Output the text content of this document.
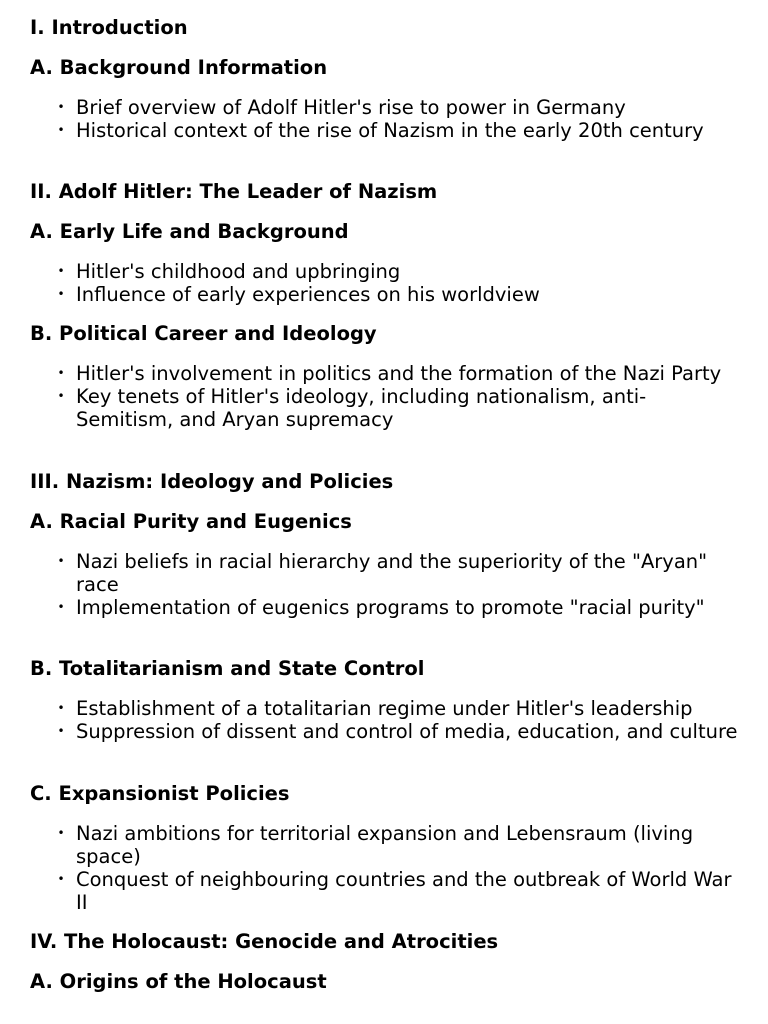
I. Introduction
A. Background Information
• Brief overview of Adolf Hitler's rise to power in Germany
• Historical context of the rise of Nazism in the early 20th century
II. Adolf Hitler: The Leader of Nazism
A. Early Life and Background
• Hitler's childhood and upbringing
• Influence of early experiences on his worldview
B. Political Career and Ideology
• Hitler's involvement in politics and the formation of the Nazi Party
• Key tenets of Hitler's ideology, including nationalism, anti-Semitism, and Aryan supremacy
III. Nazism: Ideology and Policies
A. Racial Purity and Eugenics
• Nazi beliefs in racial hierarchy and the superiority of the "Aryan" race
• Implementation of eugenics programs to promote "racial purity"
B. Totalitarianism and State Control
• Establishment of a totalitarian regime under Hitler's leadership
• Suppression of dissent and control of media, education, and culture
C. Expansionist Policies
• Nazi ambitions for territorial expansion and Lebensraum (living space)
• Conquest of neighbouring countries and the outbreak of World War II
IV. The Holocaust: Genocide and Atrocities
A. Origins of the Holocaust
